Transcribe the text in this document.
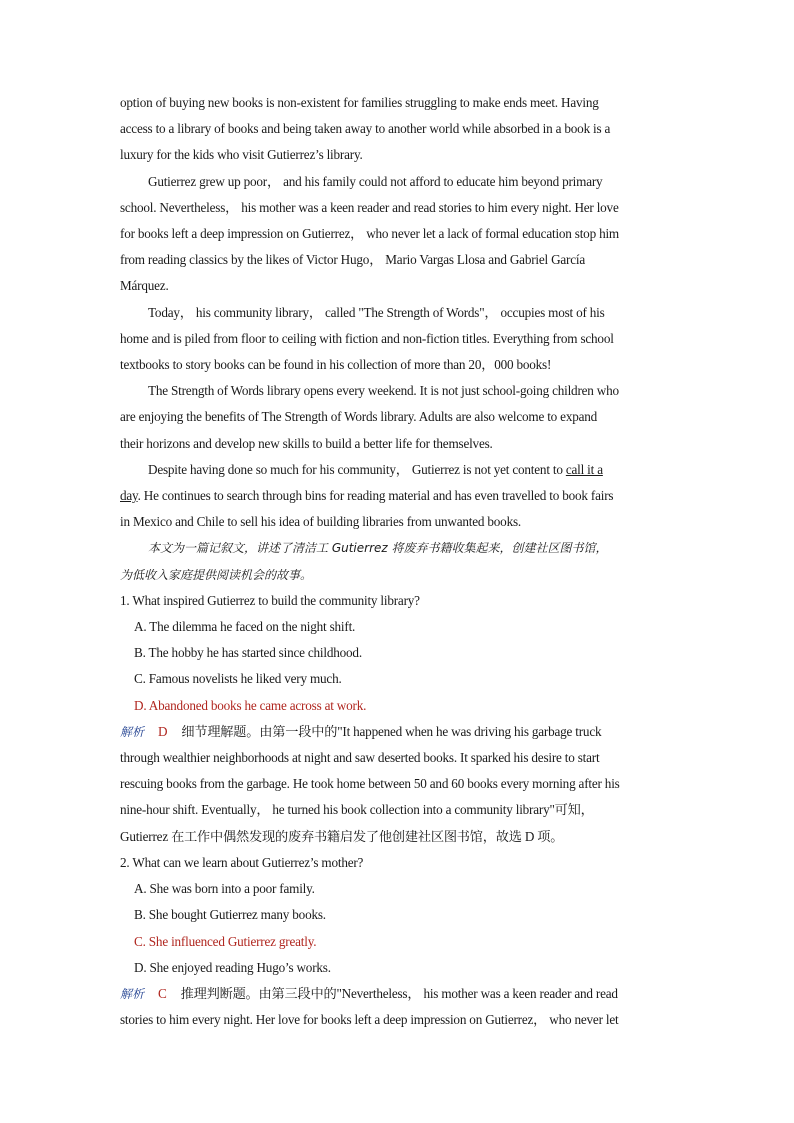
option of buying new books is non-existent for families struggling to make ends meet. Having
access to a library of books and being taken away to another world while absorbed in a book is a
luxury for the kids who visit Gutierrez’s library.
Gutierrez grew up poor， and his family could not afford to educate him beyond primary
school. Nevertheless， his mother was a keen reader and read stories to him every night. Her love
for books left a deep impression on Gutierrez， who never let a lack of formal education stop him
from reading classics by the likes of Victor Hugo， Mario Vargas Llosa and Gabriel García
Márquez.
Today， his community library， called "The Strength of Words"， occupies most of his
home and is piled from floor to ceiling with fiction and non-fiction titles. Everything from school
textbooks to story books can be found in his collection of more than 20，000 books!
The Strength of Words library opens every weekend. It is not just school-going children who
are enjoying the benefits of The Strength of Words library. Adults are also welcome to expand
their horizons and develop new skills to build a better life for themselves.
Despite having done so much for his community， Gutierrez is not yet content to call it a
day. He continues to search through bins for reading material and has even travelled to book fairs
in Mexico and Chile to sell his idea of building libraries from unwanted books.
本文为一篇记叙文，讲述了清洁工 Gutierrez 将废弃书籍收集起来，创建社区图书馆，
为低收入家庭提供阅读机会的故事。
1. What inspired Gutierrez to build the community library?
A. The dilemma he faced on the night shift.
B. The hobby he has started since childhood.
C. Famous novelists he liked very much.
D. Abandoned books he came across at work.
解析 D 细节理解题。由第一段中的"It happened when he was driving his garbage truck
through wealthier neighborhoods at night and saw deserted books. It sparked his desire to start
rescuing books from the garbage. He took home between 50 and 60 books every morning after his
nine-hour shift. Eventually， he turned his book collection into a community library"可知，
Gutierrez 在工作中偶然发现的废弃书籍启发了他创建社区图书馆，故选 D 项。
2. What can we learn about Gutierrez’s mother?
A. She was born into a poor family.
B. She bought Gutierrez many books.
C. She influenced Gutierrez greatly.
D. She enjoyed reading Hugo’s works.
解析 C 推理判断题。由第三段中的"Nevertheless， his mother was a keen reader and read
stories to him every night. Her love for books left a deep impression on Gutierrez， who never let
